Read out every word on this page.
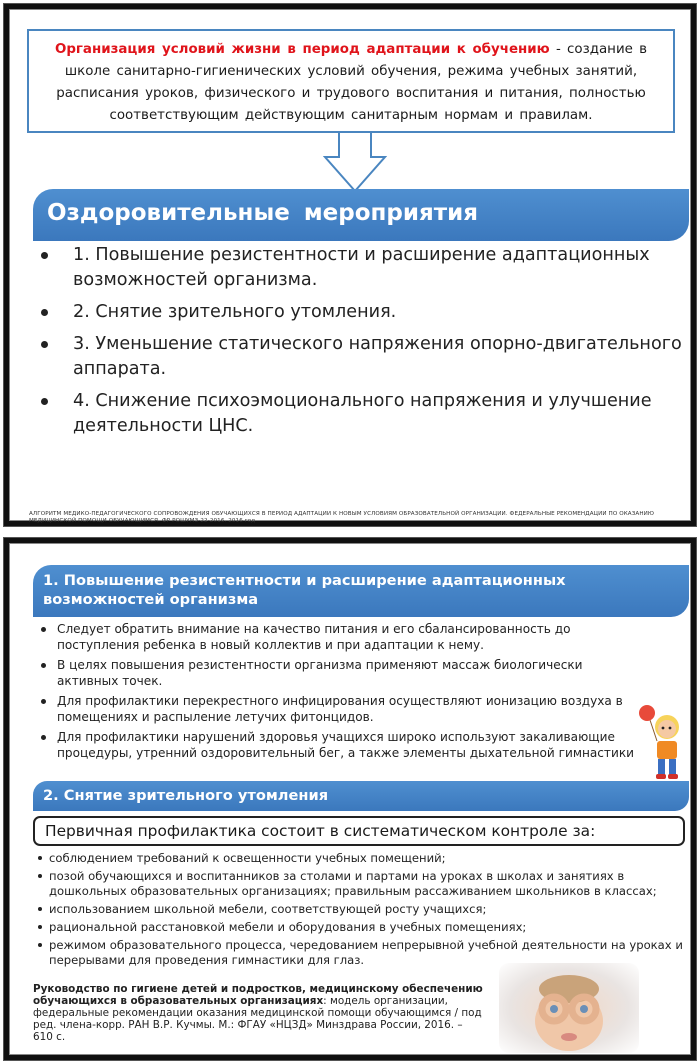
Организация условий жизни в период адаптации к обучению - создание в школе санитарно-гигиенических условий обучения, режима учебных занятий, расписания уроков, физического и трудового воспитания и питания, полностью соответствующим действующим санитарным нормам и правилам.
Оздоровительные мероприятия
1. Повышение резистентности и расширение адаптационных возможностей организма.
2. Снятие зрительного утомления.
3. Уменьшение статического напряжения опорно-двигательного аппарата.
4. Снижение психоэмоционального напряжения и улучшение деятельности ЦНС.
АЛГОРИТМ МЕДИКО-ПЕДАГОГИЧЕСКОГО СОПРОВОЖДЕНИЯ ОБУЧАЮЩИХСЯ В ПЕРИОД АДАПТАЦИИ К НОВЫМ УСЛОВИЯМ ОБРАЗОВАТЕЛЬНОЙ ОРГАНИЗАЦИИ. ФЕДЕРАЛЬНЫЕ РЕКОМЕНДАЦИИ ПО ОКАЗАНИЮ МЕДИЦИНСКОЙ ПОМОЩИ ОБУЧАЮЩИМСЯ. ФР РОШУМЗ-22-2016. 2016 год
1. Повышение резистентности и расширение адаптационных возможностей организма
Следует обратить внимание на качество питания и его сбалансированность до поступления ребенка в новый коллектив и при адаптации к нему.
В целях повышения резистентности организма применяют массаж биологически активных точек.
Для профилактики перекрестного инфицирования осуществляют ионизацию воздуха в помещениях и распыление летучих фитонцидов.
Для профилактики нарушений здоровья учащихся широко используют закаливающие процедуры, утренний оздоровительный бег, а также элементы дыхательной гимнастики
2. Снятие зрительного утомления
Первичная профилактика состоит в систематическом контроле за:
соблюдением требований к освещенности учебных помещений;
позой обучающихся и воспитанников за столами и партами на уроках в школах и занятиях в дошкольных образовательных организациях; правильным рассаживанием школьников в классах;
использованием школьной мебели, соответствующей росту учащихся;
рациональной расстановкой мебели и оборудования в учебных помещениях;
режимом образовательного процесса, чередованием непрерывной учебной деятельности на уроках и перерывами для проведения гимнастики для глаз.
Руководство по гигиене детей и подростков, медицинскому обеспечению обучающихся в образовательных организациях: модель организации, федеральные рекомендации оказания медицинской помощи обучающимся / под ред. члена-корр. РАН В.Р. Кучмы. М.: ФГАУ «НЦЗД» Минздрава России, 2016. – 610 с.
